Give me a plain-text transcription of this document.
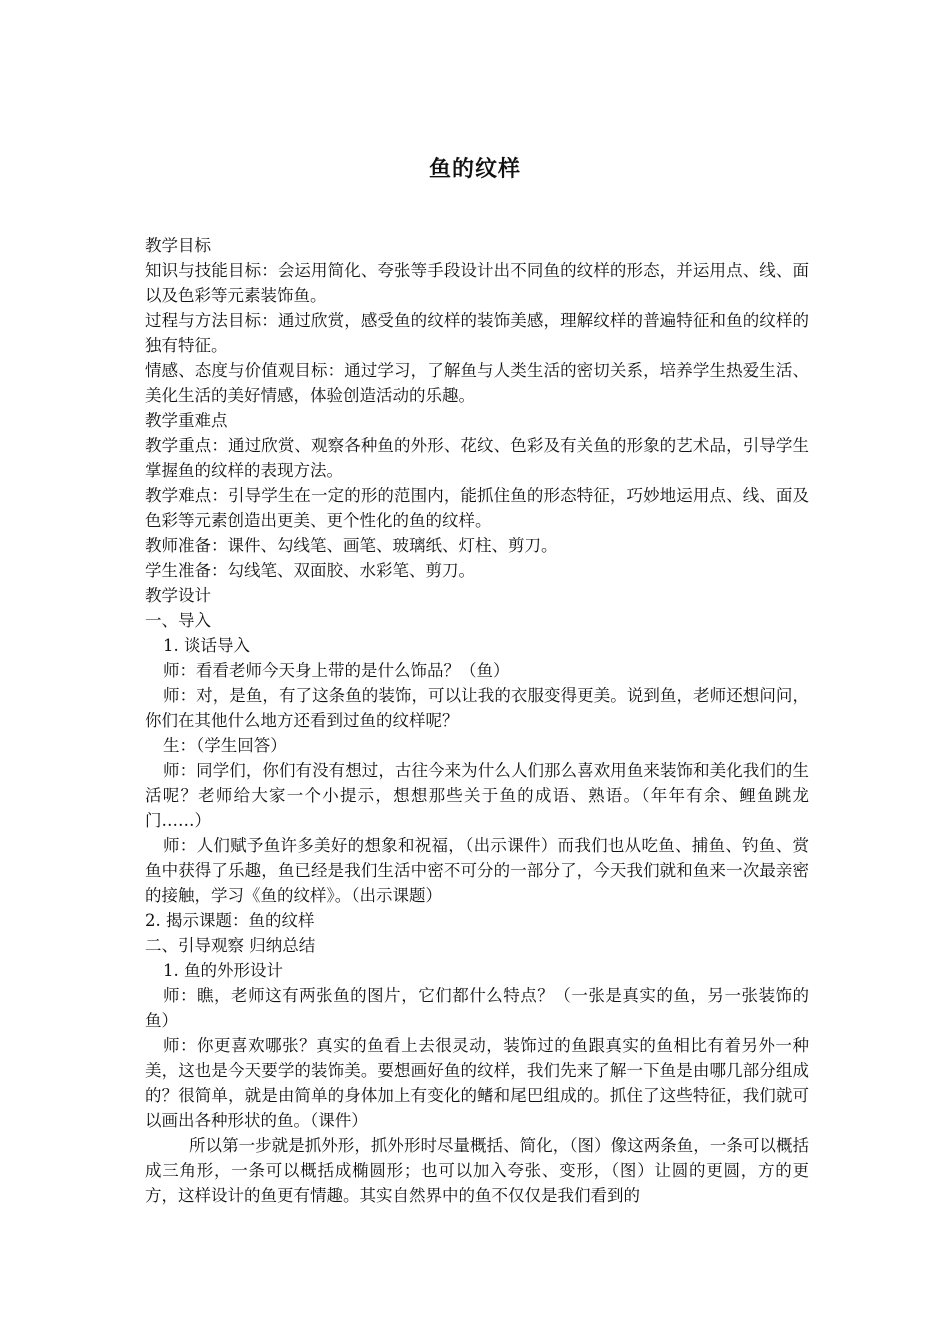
鱼的纹样

教学目标

知识与技能目标：会运用简化、夸张等手段设计出不同鱼的纹样的形态，并运用点、线、面以及色彩等元素装饰鱼。

过程与方法目标：通过欣赏，感受鱼的纹样的装饰美感，理解纹样的普遍特征和鱼的纹样的独有特征。

情感、态度与价值观目标：通过学习，了解鱼与人类生活的密切关系，培养学生热爱生活、美化生活的美好情感，体验创造活动的乐趣。

教学重难点

教学重点：通过欣赏、观察各种鱼的外形、花纹、色彩及有关鱼的形象的艺术品，引导学生掌握鱼的纹样的表现方法。

教学难点：引导学生在一定的形的范围内，能抓住鱼的形态特征，巧妙地运用点、线、面及色彩等元素创造出更美、更个性化的鱼的纹样。

教师准备：课件、勾线笔、画笔、玻璃纸、灯柱、剪刀。

学生准备：勾线笔、双面胶、水彩笔、剪刀。

教学设计

一、导入

1. 谈话导入

师：看看老师今天身上带的是什么饰品？（鱼）

师：对，是鱼，有了这条鱼的装饰，可以让我的衣服变得更美。说到鱼，老师还想问问，你们在其他什么地方还看到过鱼的纹样呢？

生：（学生回答）

师：同学们，你们有没有想过，古往今来为什么人们那么喜欢用鱼来装饰和美化我们的生活呢？老师给大家一个小提示，想想那些关于鱼的成语、熟语。（年年有余、鲤鱼跳龙门……）

师：人们赋予鱼许多美好的想象和祝福，（出示课件）而我们也从吃鱼、捕鱼、钓鱼、赏鱼中获得了乐趣，鱼已经是我们生活中密不可分的一部分了，今天我们就和鱼来一次最亲密的接触，学习《鱼的纹样》。（出示课题）

2. 揭示课题：鱼的纹样

二、引导观察 归纳总结

1. 鱼的外形设计

师：瞧，老师这有两张鱼的图片，它们都什么特点？（一张是真实的鱼，另一张装饰的鱼）

师：你更喜欢哪张？真实的鱼看上去很灵动，装饰过的鱼跟真实的鱼相比有着另外一种美，这也是今天要学的装饰美。要想画好鱼的纹样，我们先来了解一下鱼是由哪几部分组成的？很简单，就是由简单的身体加上有变化的鳍和尾巴组成的。抓住了这些特征，我们就可以画出各种形状的鱼。（课件）

所以第一步就是抓外形，抓外形时尽量概括、简化，（图）像这两条鱼，一条可以概括成三角形，一条可以概括成椭圆形；也可以加入夸张、变形，（图）让圆的更圆，方的更方，这样设计的鱼更有情趣。其实自然界中的鱼不仅仅是我们看到的
